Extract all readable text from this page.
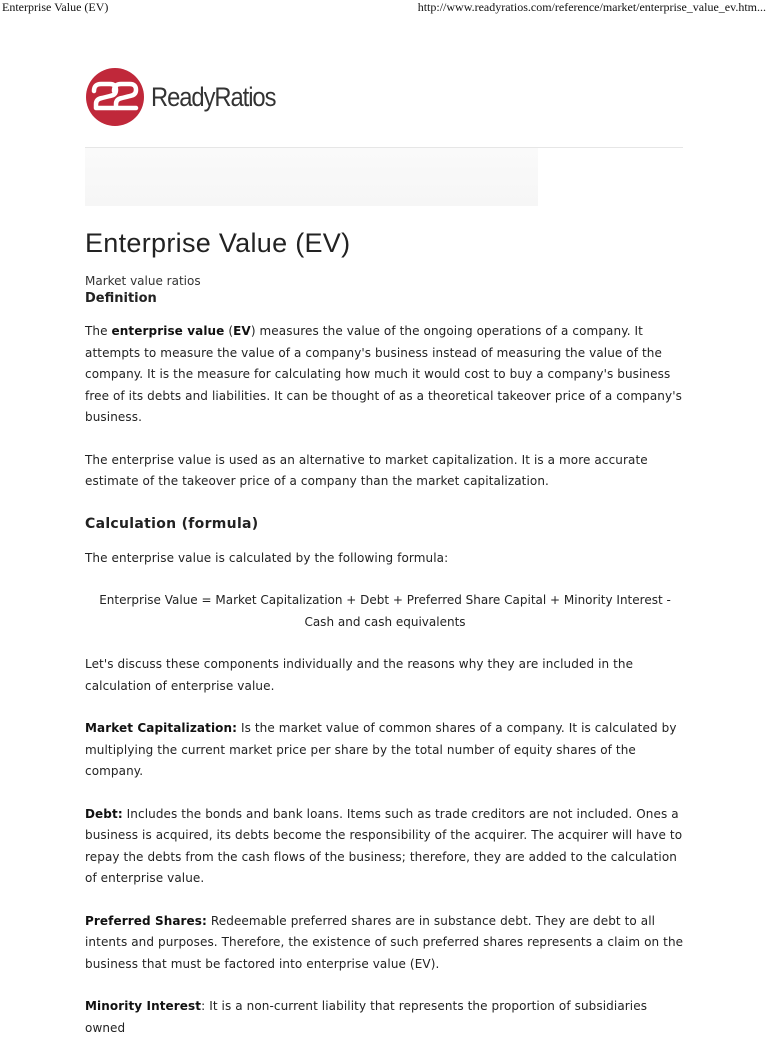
Enterprise Value (EV)	http://www.readyratios.com/reference/market/enterprise_value_ev.htm...
ReadyRatios
Enterprise Value (EV)
Market value ratios
Definition

The enterprise value (EV) measures the value of the ongoing operations of a company. It attempts to measure the value of a company's business instead of measuring the value of the company. It is the measure for calculating how much it would cost to buy a company's business free of its debts and liabilities. It can be thought of as a theoretical takeover price of a company's business.

The enterprise value is used as an alternative to market capitalization. It is a more accurate estimate of the takeover price of a company than the market capitalization.

Calculation (formula)

The enterprise value is calculated by the following formula:

Enterprise Value = Market Capitalization + Debt + Preferred Share Capital + Minority Interest - Cash and cash equivalents

Let's discuss these components individually and the reasons why they are included in the calculation of enterprise value.

Market Capitalization: Is the market value of common shares of a company. It is calculated by multiplying the current market price per share by the total number of equity shares of the company.

Debt: Includes the bonds and bank loans. Items such as trade creditors are not included. Ones a business is acquired, its debts become the responsibility of the acquirer. The acquirer will have to repay the debts from the cash flows of the business; therefore, they are added to the calculation of enterprise value.

Preferred Shares: Redeemable preferred shares are in substance debt. They are debt to all intents and purposes. Therefore, the existence of such preferred shares represents a claim on the business that must be factored into enterprise value (EV).

Minority Interest: It is a non-current liability that represents the proportion of subsidiaries owned
